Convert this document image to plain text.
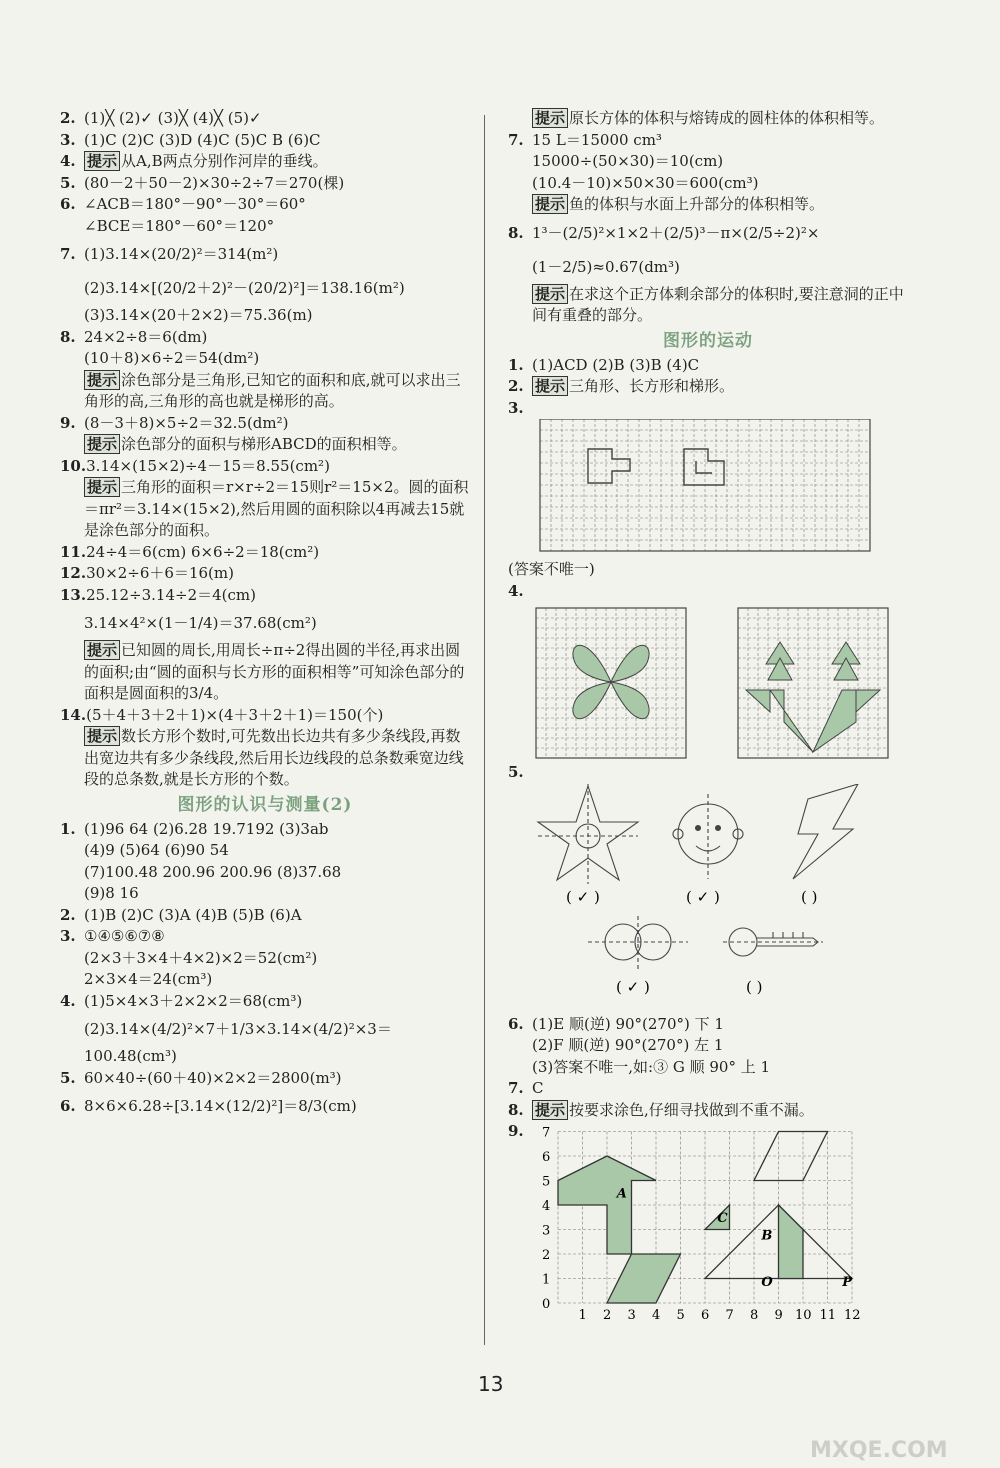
2. (1)╳ (2)✓ (3)╳ (4)╳ (5)✓
3. (1)C (2)C (3)D (4)C (5)C B (6)C
4. 提示 从A,B两点分别作河岸的垂线。
5. (80－2＋50－2)×30÷2÷7＝270(棵)
6. ∠ACB＝180°－90°－30°＝60°
∠BCE＝180°－60°＝120°
7. (1)3.14×(20/2)²＝314(m²)
(2)3.14×[(20/2＋2)²－(20/2)²]＝138.16(m²)
(3)3.14×(20＋2×2)＝75.36(m)
8. 24×2÷8＝6(dm)
(10＋8)×6÷2＝54(dm²)
提示 涂色部分是三角形,已知它的面积和底,就可以求出三角形的高,三角形的高也就是梯形的高。
9. (8－3＋8)×5÷2＝32.5(dm²)
提示 涂色部分的面积与梯形ABCD的面积相等。
10.3.14×(15×2)÷4－15＝8.55(cm²)
提示 三角形的面积＝r×r÷2＝15则r²＝15×2。圆的面积＝πr²＝3.14×(15×2),然后用圆的面积除以4再减去15就是涂色部分的面积。
11.24÷4＝6(cm) 6×6÷2＝18(cm²)
12.30×2÷6＋6＝16(m)
13.25.12÷3.14÷2＝4(cm)
3.14×4²×(1－1/4)＝37.68(cm²)
提示 已知圆的周长,用周长÷π÷2得出圆的半径,再求出圆的面积;由“圆的面积与长方形的面积相等”可知涂色部分的面积是圆面积的3/4。
14.(5＋4＋3＋2＋1)×(4＋3＋2＋1)＝150(个)
提示 数长方形个数时,可先数出长边共有多少条线段,再数出宽边共有多少条线段,然后用长边线段的总条数乘宽边线段的总条数,就是长方形的个数。
图形的认识与测量(2)
1. (1)96 64 (2)6.28 19.7192 (3)3ab
(4)9 (5)64 (6)90 54
(7)100.48 200.96 200.96 (8)37.68
(9)8 16
2. (1)B (2)C (3)A (4)B (5)B (6)A
3. ①④⑤⑥⑦⑧
(2×3＋3×4＋4×2)×2＝52(cm²)
2×3×4＝24(cm³)
4. (1)5×4×3＋2×2×2＝68(cm³)
(2)3.14×(4/2)²×7＋1/3×3.14×(4/2)²×3＝
100.48(cm³)
5. 60×40÷(60＋40)×2×2＝2800(m³)
6. 8×6×6.28÷[3.14×(12/2)²]＝8/3(cm)
提示 原长方体的体积与熔铸成的圆柱体的体积相等。
7. 15 L＝15000 cm³
15000÷(50×30)＝10(cm)
(10.4－10)×50×30＝600(cm³)
提示 鱼的体积与水面上升部分的体积相等。
8. 1³－(2/5)²×1×2＋(2/5)³－π×(2/5÷2)²×
(1－2/5)≈0.67(dm³)
提示 在求这个正方体剩余部分的体积时,要注意洞的正中间有重叠的部分。
图形的运动
1. (1)ACD (2)B (3)B (4)C
2. 提示 三角形、长方形和梯形。
3.
(答案不唯一)
4.
5.
( ✓ )	( ✓ )	( )
( ✓ )	( )
6. (1)E 顺(逆) 90°(270°) 下 1
(2)F 顺(逆) 90°(270°) 左 1
(3)答案不唯一,如:③ G 顺 90° 上 1
7. C
8. 提示 按要求涂色,仔细寻找做到不重不漏。
9.	7
6
5
4
3
2
1
0
1 2 3 4 5 6 7 8 9 10 11 12
A
B
C
O	P
13
MXQE.COM
